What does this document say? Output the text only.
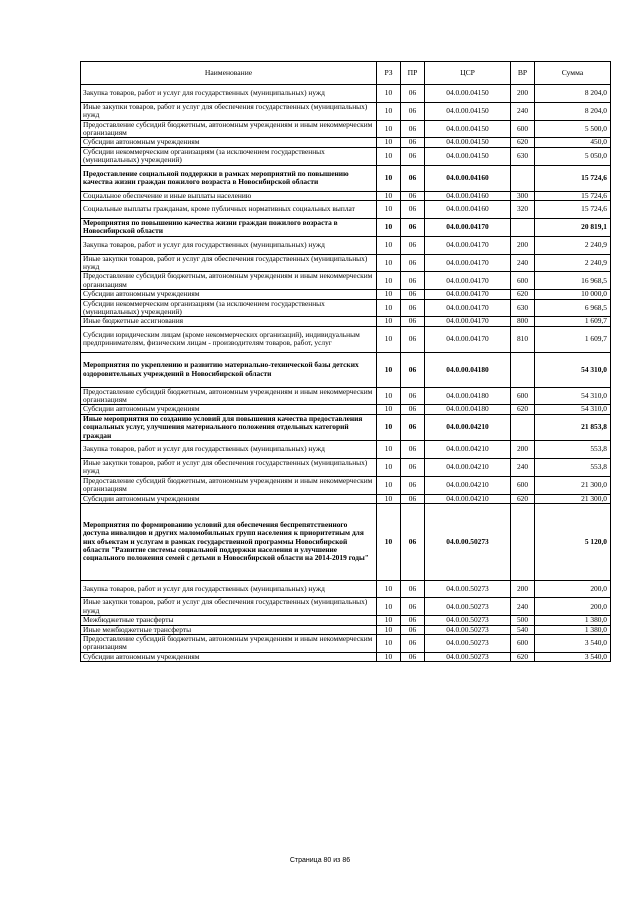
Наименование	РЗ	ПР	ЦСР	ВР	Сумма
Закупка товаров, работ и услуг для государственных (муниципальных) нужд	10	06	04.0.00.04150	200	8 204,0
Иные закупки товаров, работ и услуг для обеспечения государственных (муниципальных) нужд	10	06	04.0.00.04150	240	8 204,0
Предоставление субсидий бюджетным, автономным учреждениям и иным некоммерческим организациям	10	06	04.0.00.04150	600	5 500,0
Субсидии автономным учреждениям	10	06	04.0.00.04150	620	450,0
Субсидии некоммерческим организациям (за исключением государственных (муниципальных) учреждений)	10	06	04.0.00.04150	630	5 050,0
Предоставление социальной поддержки в рамках мероприятий по повышению качества жизни граждан пожилого возраста в Новосибирской области	10	06	04.0.00.04160		15 724,6
Социальное обеспечение и иные выплаты населению	10	06	04.0.00.04160	300	15 724,6
Социальные выплаты гражданам, кроме публичных нормативных социальных выплат	10	06	04.0.00.04160	320	15 724,6
Мероприятия по повышению качества жизни граждан пожилого возраста в Новосибирской области	10	06	04.0.00.04170		20 819,1
Закупка товаров, работ и услуг для государственных (муниципальных) нужд	10	06	04.0.00.04170	200	2 240,9
Иные закупки товаров, работ и услуг для обеспечения государственных (муниципальных) нужд	10	06	04.0.00.04170	240	2 240,9
Предоставление субсидий бюджетным, автономным учреждениям и иным некоммерческим организациям	10	06	04.0.00.04170	600	16 968,5
Субсидии автономным учреждениям	10	06	04.0.00.04170	620	10 000,0
Субсидии некоммерческим организациям (за исключением государственных (муниципальных) учреждений)	10	06	04.0.00.04170	630	6 968,5
Иные бюджетные ассигнования	10	06	04.0.00.04170	800	1 609,7
Субсидии юридическим лицам (кроме некоммерческих организаций), индивидуальным предпринимателям, физическим лицам - производителям товаров, работ, услуг	10	06	04.0.00.04170	810	1 609,7
Мероприятия по укреплению и развитию материально-технической базы детских оздоровительных учреждений в Новосибирской области	10	06	04.0.00.04180		54 310,0
Предоставление субсидий бюджетным, автономным учреждениям и иным некоммерческим организациям	10	06	04.0.00.04180	600	54 310,0
Субсидии автономным учреждениям	10	06	04.0.00.04180	620	54 310,0
Иные мероприятия по созданию условий для повышения качества предоставления социальных услуг, улучшения материального положения отдельных категорий граждан	10	06	04.0.00.04210		21 853,8
Закупка товаров, работ и услуг для государственных (муниципальных) нужд	10	06	04.0.00.04210	200	553,8
Иные закупки товаров, работ и услуг для обеспечения государственных (муниципальных) нужд	10	06	04.0.00.04210	240	553,8
Предоставление субсидий бюджетным, автономным учреждениям и иным некоммерческим организациям	10	06	04.0.00.04210	600	21 300,0
Субсидии автономным учреждениям	10	06	04.0.00.04210	620	21 300,0
Мероприятия по формированию условий для обеспечения беспрепятственного доступа инвалидов и других маломобильных групп населения к приоритетным для них объектам и услугам в рамках государственной программы Новосибирской области "Развитие системы социальной поддержки населения и улучшение социального положения семей с детьми в Новосибирской области на 2014-2019 годы"	10	06	04.0.00.50273		5 120,0
Закупка товаров, работ и услуг для государственных (муниципальных) нужд	10	06	04.0.00.50273	200	200,0
Иные закупки товаров, работ и услуг для обеспечения государственных (муниципальных) нужд	10	06	04.0.00.50273	240	200,0
Межбюджетные трансферты	10	06	04.0.00.50273	500	1 380,0
Иные межбюджетные трансферты	10	06	04.0.00.50273	540	1 380,0
Предоставление субсидий бюджетным, автономным учреждениям и иным некоммерческим организациям	10	06	04.0.00.50273	600	3 540,0
Субсидии автономным учреждениям	10	06	04.0.00.50273	620	3 540,0
Страница 80 из 86
